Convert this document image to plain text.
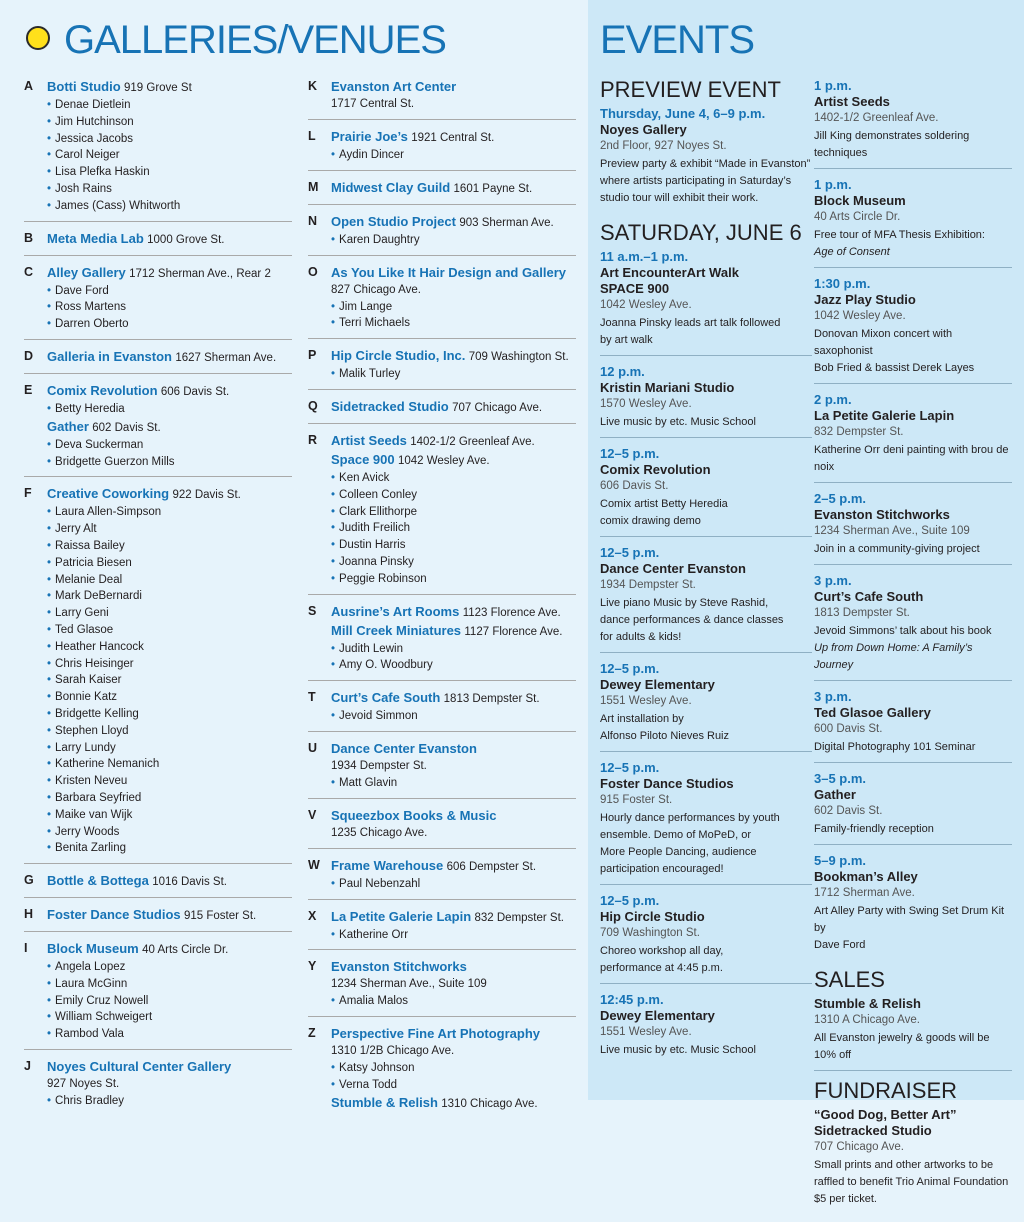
GALLERIES/VENUES	EVENTS
A Botti Studio 919 Grove St
• Denae Dietlein
• Jim Hutchinson
• Jessica Jacobs
• Carol Neiger
• Lisa Plefka Haskin
• Josh Rains
• James (Cass) Whitworth
B Meta Media Lab 1000 Grove St.
C Alley Gallery 1712 Sherman Ave., Rear 2
• Dave Ford
• Ross Martens
• Darren Oberto
D Galleria in Evanston 1627 Sherman Ave.
E Comix Revolution 606 Davis St.
• Betty Heredia
Gather 602 Davis St.
• Deva Suckerman
• Bridgette Guerzon Mills
F Creative Coworking 922 Davis St.
• Laura Allen-Simpson
• Jerry Alt
• Raissa Bailey
• Patricia Biesen
• Melanie Deal
• Mark DeBernardi
• Larry Geni
• Ted Glasoe
• Heather Hancock
• Chris Heisinger
• Sarah Kaiser
• Bonnie Katz
• Bridgette Kelling
• Stephen Lloyd
• Larry Lundy
• Katherine Nemanich
• Kristen Neveu
• Barbara Seyfried
• Maike van Wijk
• Jerry Woods
• Benita Zarling
G Bottle & Bottega 1016 Davis St.
H Foster Dance Studios 915 Foster St.
I Block Museum 40 Arts Circle Dr.
• Angela Lopez
• Laura McGinn
• Emily Cruz Nowell
• William Schweigert
• Rambod Vala
J Noyes Cultural Center Gallery
927 Noyes St.
• Chris Bradley
K Evanston Art Center
1717 Central St.
L Prairie Joe’s 1921 Central St.
• Aydin Dincer
M Midwest Clay Guild 1601 Payne St.
N Open Studio Project 903 Sherman Ave.
• Karen Daughtry
O As You Like It Hair Design and Gallery
827 Chicago Ave.
• Jim Lange
• Terri Michaels
P Hip Circle Studio, Inc. 709 Washington St.
• Malik Turley
Q Sidetracked Studio 707 Chicago Ave.
R Artist Seeds 1402-1/2 Greenleaf Ave.
Space 900 1042 Wesley Ave.
• Ken Avick
• Colleen Conley
• Clark Ellithorpe
• Judith Freilich
• Dustin Harris
• Joanna Pinsky
• Peggie Robinson
S Ausrine’s Art Rooms 1123 Florence Ave.
Mill Creek Miniatures 1127 Florence Ave.
• Judith Lewin
• Amy O. Woodbury
T Curt’s Cafe South 1813 Dempster St.
• Jevoid Simmon
U Dance Center Evanston
1934 Dempster St.
• Matt Glavin
V Squeezbox Books & Music
1235 Chicago Ave.
W Frame Warehouse 606 Dempster St.
• Paul Nebenzahl
X La Petite Galerie Lapin 832 Dempster St.
• Katherine Orr
Y Evanston Stitchworks
1234 Sherman Ave., Suite 109
• Amalia Malos
Z Perspective Fine Art Photography
1310 1/2B Chicago Ave.
• Katsy Johnson
• Verna Todd
Stumble & Relish 1310 Chicago Ave.
PREVIEW EVENT
Thursday, June 4, 6–9 p.m.
Noyes Gallery
2nd Floor, 927 Noyes St.
Preview party & exhibit “Made in Evanston”
where artists participating in Saturday’s
studio tour will exhibit their work.
SATURDAY, JUNE 6
11 a.m.–1 p.m.
Art EncounterArt Walk
SPACE 900
1042 Wesley Ave.
Joanna Pinsky leads art talk followed
by art walk
12 p.m.
Kristin Mariani Studio
1570 Wesley Ave.
Live music by etc. Music School
12–5 p.m.
Comix Revolution
606 Davis St.
Comix artist Betty Heredia
comix drawing demo
12–5 p.m.
Dance Center Evanston
1934 Dempster St.
Live piano Music by Steve Rashid,
dance performances & dance classes
for adults & kids!
12–5 p.m.
Dewey Elementary
1551 Wesley Ave.
Art installation by
Alfonso Piloto Nieves Ruiz
12–5 p.m.
Foster Dance Studios
915 Foster St.
Hourly dance performances by youth
ensemble. Demo of MoPeD, or
More People Dancing, audience
participation encouraged!
12–5 p.m.
Hip Circle Studio
709 Washington St.
Choreo workshop all day,
performance at 4:45 p.m.
12:45 p.m.
Dewey Elementary
1551 Wesley Ave.
Live music by etc. Music School
1 p.m.
Artist Seeds
1402-1/2 Greenleaf Ave.
Jill King demonstrates soldering techniques
1 p.m.
Block Museum
40 Arts Circle Dr.
Free tour of MFA Thesis Exhibition:
Age of Consent
1:30 p.m.
Jazz Play Studio
1042 Wesley Ave.
Donovan Mixon concert with saxophonist
Bob Fried & bassist Derek Layes
2 p.m.
La Petite Galerie Lapin
832 Dempster St.
Katherine Orr deni painting with brou de noix
2–5 p.m.
Evanston Stitchworks
1234 Sherman Ave., Suite 109
Join in a community-giving project
3 p.m.
Curt’s Cafe South
1813 Dempster St.
Jevoid Simmons’ talk about his book
Up from Down Home: A Family’s Journey
3 p.m.
Ted Glasoe Gallery
600 Davis St.
Digital Photography 101 Seminar
3–5 p.m.
Gather
602 Davis St.
Family-friendly reception
5–9 p.m.
Bookman’s Alley
1712 Sherman Ave.
Art Alley Party with Swing Set Drum Kit by
Dave Ford
SALES
Stumble & Relish
1310 A Chicago Ave.
All Evanston jewelry & goods will be 10% off
FUNDRAISER
“Good Dog, Better Art”
Sidetracked Studio
707 Chicago Ave.
Small prints and other artworks to be
raffled to benefit Trio Animal Foundation
$5 per ticket.
